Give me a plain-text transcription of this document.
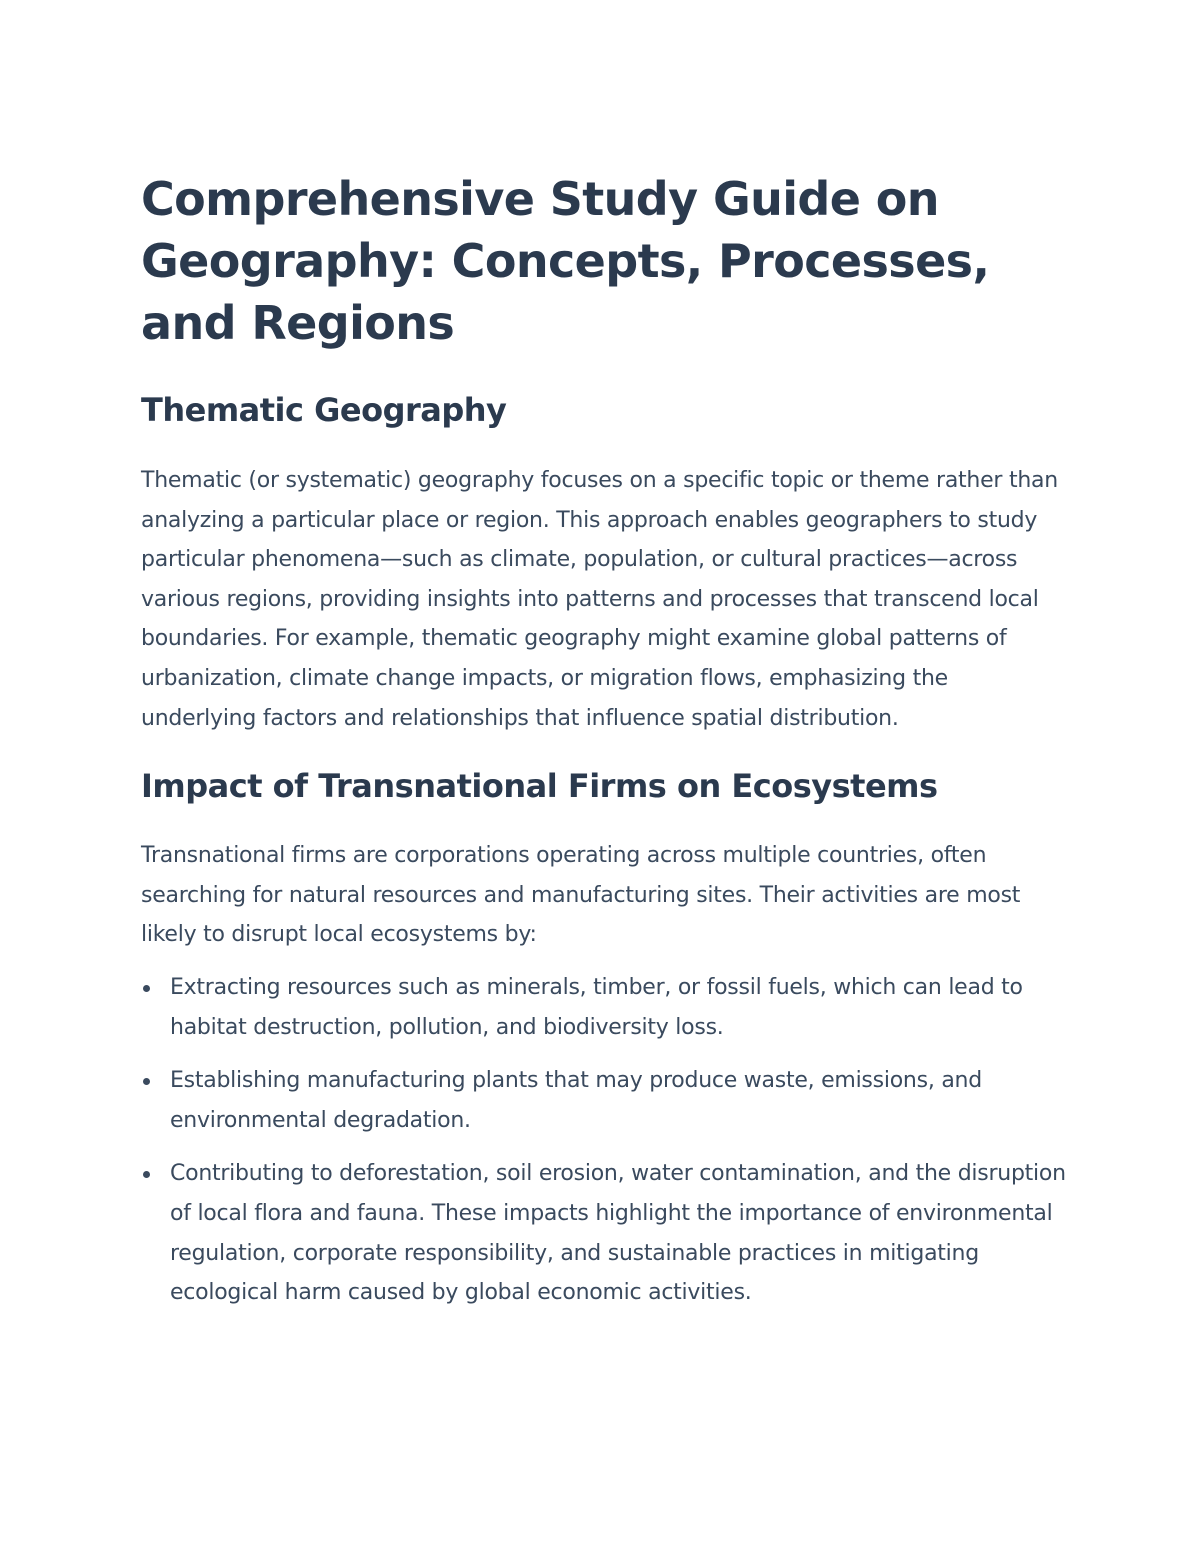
Comprehensive Study Guide on Geography: Concepts, Processes, and Regions
Thematic Geography

Thematic (or systematic) geography focuses on a specific topic or theme rather than analyzing a particular place or region. This approach enables geographers to study particular phenomena—such as climate, population, or cultural practices—across various regions, providing insights into patterns and processes that transcend local boundaries. For example, thematic geography might examine global patterns of urbanization, climate change impacts, or migration flows, emphasizing the underlying factors and relationships that influence spatial distribution.

Impact of Transnational Firms on Ecosystems

Transnational firms are corporations operating across multiple countries, often searching for natural resources and manufacturing sites. Their activities are most likely to disrupt local ecosystems by:

Extracting resources such as minerals, timber, or fossil fuels, which can lead to habitat destruction, pollution, and biodiversity loss.
Establishing manufacturing plants that may produce waste, emissions, and environmental degradation.
Contributing to deforestation, soil erosion, water contamination, and the disruption of local flora and fauna. These impacts highlight the importance of environmental regulation, corporate responsibility, and sustainable practices in mitigating ecological harm caused by global economic activities.
